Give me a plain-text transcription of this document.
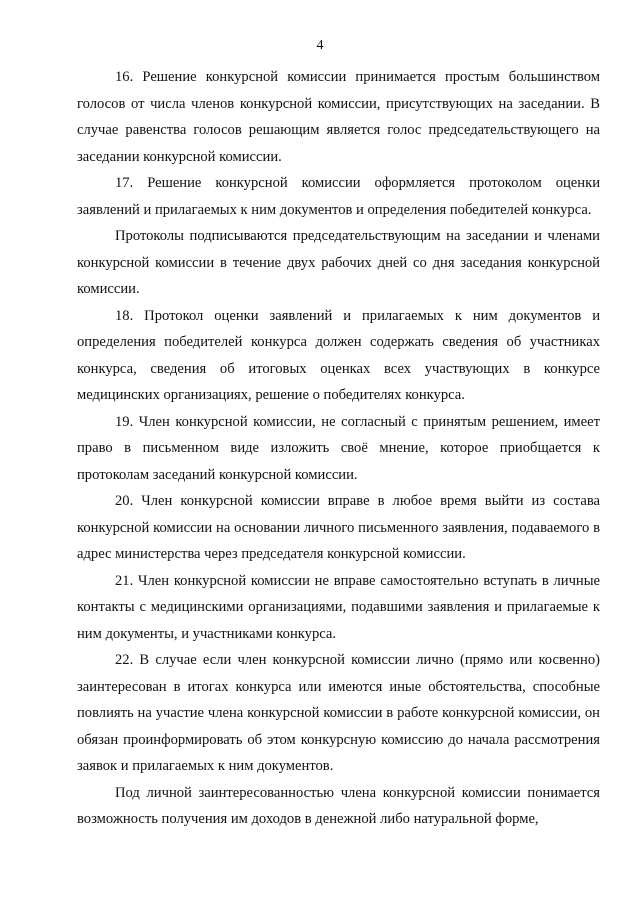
4

16. Решение конкурсной комиссии принимается простым большинством голосов от числа членов конкурсной комиссии, присутствующих на заседании. В случае равенства голосов решающим является голос председательствующего на заседании конкурсной комиссии.

17. Решение конкурсной комиссии оформляется протоколом оценки заявлений и прилагаемых к ним документов и определения победителей конкурса.

Протоколы подписываются председательствующим на заседании и членами конкурсной комиссии в течение двух рабочих дней со дня заседания конкурсной комиссии.

18. Протокол оценки заявлений и прилагаемых к ним документов и определения победителей конкурса должен содержать сведения об участниках конкурса, сведения об итоговых оценках всех участвующих в конкурсе медицинских организациях, решение о победителях конкурса.

19. Член конкурсной комиссии, не согласный с принятым решением, имеет право в письменном виде изложить своё мнение, которое приобщается к протоколам заседаний конкурсной комиссии.

20. Член конкурсной комиссии вправе в любое время выйти из состава конкурсной комиссии на основании личного письменного заявления, подаваемого в адрес министерства через председателя конкурсной комиссии.

21. Член конкурсной комиссии не вправе самостоятельно вступать в личные контакты с медицинскими организациями, подавшими заявления и прилагаемые к ним документы, и участниками конкурса.

22. В случае если член конкурсной комиссии лично (прямо или косвенно) заинтересован в итогах конкурса или имеются иные обстоятельства, способные повлиять на участие члена конкурсной комиссии в работе конкурсной комиссии, он обязан проинформировать об этом конкурсную комиссию до начала рассмотрения заявок и прилагаемых к ним документов.

Под личной заинтересованностью члена конкурсной комиссии понимается возможность получения им доходов в денежной либо натуральной форме,
